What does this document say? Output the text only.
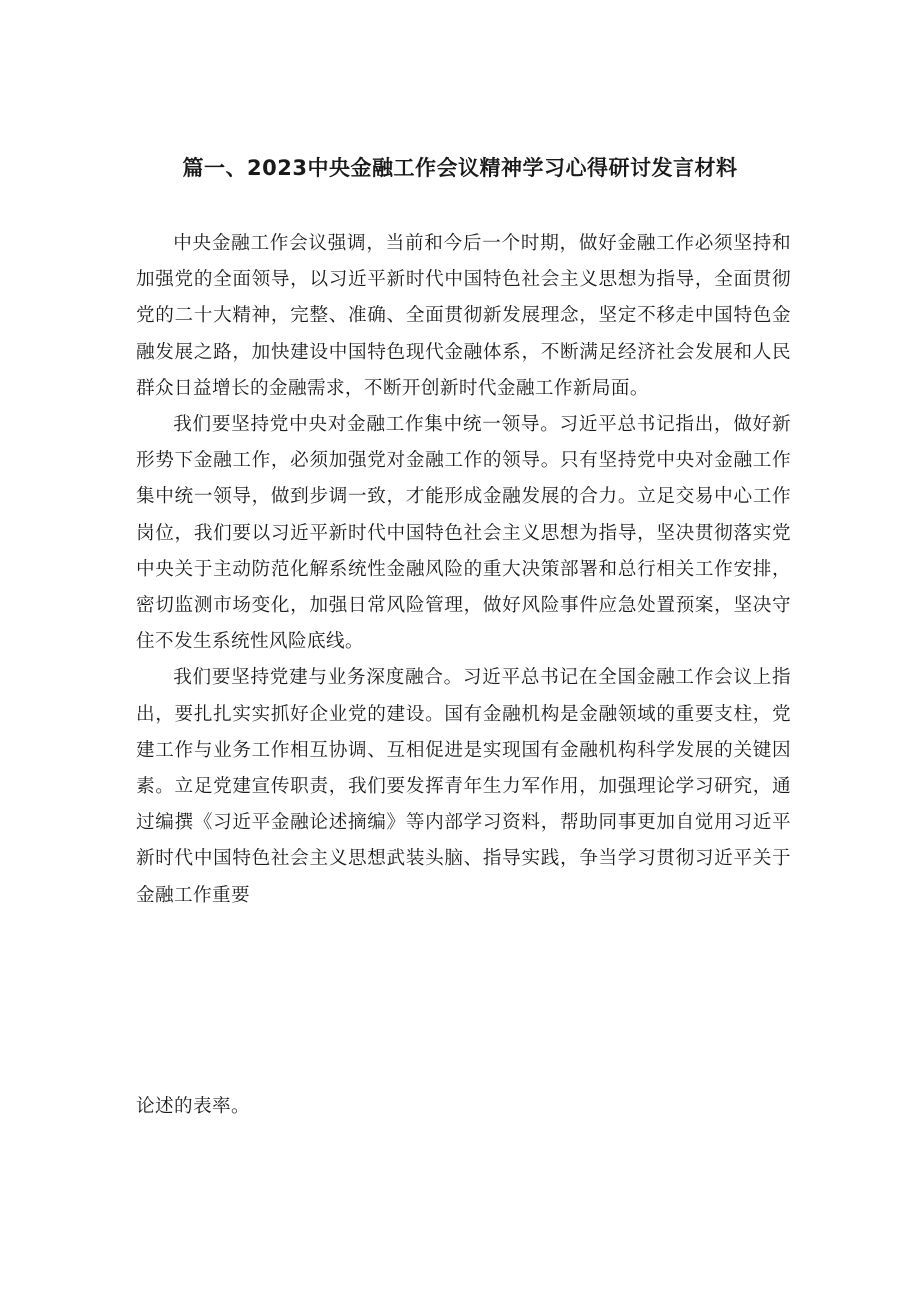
篇一、2023中央金融工作会议精神学习心得研讨发言材料

中央金融工作会议强调，当前和今后一个时期，做好金融工作必须坚持和加强党的全面领导，以习近平新时代中国特色社会主义思想为指导，全面贯彻党的二十大精神，完整、准确、全面贯彻新发展理念，坚定不移走中国特色金融发展之路，加快建设中国特色现代金融体系，不断满足经济社会发展和人民群众日益增长的金融需求，不断开创新时代金融工作新局面。

我们要坚持党中央对金融工作集中统一领导。习近平总书记指出，做好新形势下金融工作，必须加强党对金融工作的领导。只有坚持党中央对金融工作集中统一领导，做到步调一致，才能形成金融发展的合力。立足交易中心工作岗位，我们要以习近平新时代中国特色社会主义思想为指导，坚决贯彻落实党中央关于主动防范化解系统性金融风险的重大决策部署和总行相关工作安排，密切监测市场变化，加强日常风险管理，做好风险事件应急处置预案，坚决守住不发生系统性风险底线。

我们要坚持党建与业务深度融合。习近平总书记在全国金融工作会议上指出，要扎扎实实抓好企业党的建设。国有金融机构是金融领域的重要支柱，党建工作与业务工作相互协调、互相促进是实现国有金融机构科学发展的关键因素。立足党建宣传职责，我们要发挥青年生力军作用，加强理论学习研究，通过编撰《习近平金融论述摘编》等内部学习资料，帮助同事更加自觉用习近平新时代中国特色社会主义思想武装头脑、指导实践，争当学习贯彻习近平关于金融工作重要

论述的表率。
